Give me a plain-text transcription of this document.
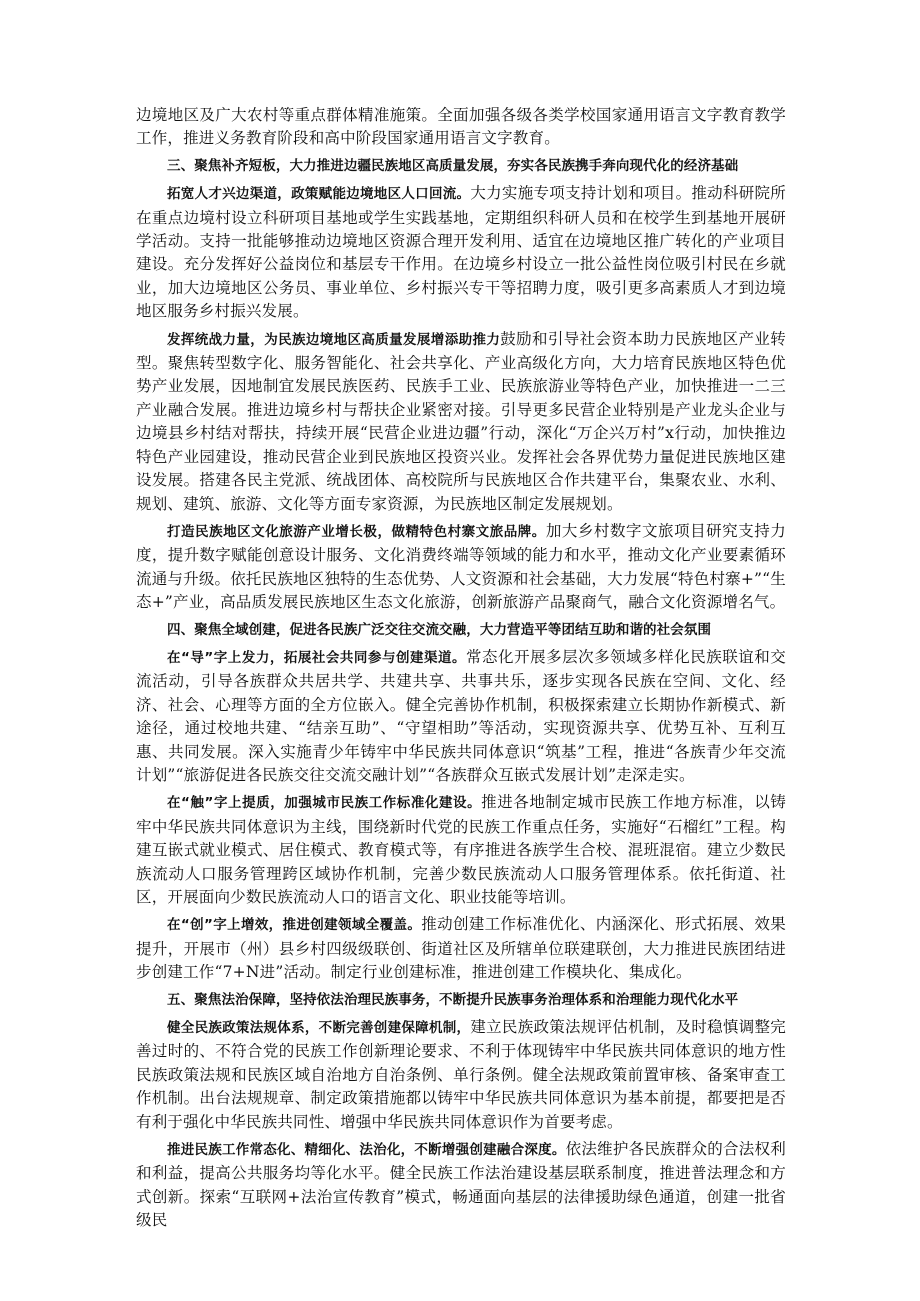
边境地区及广大农村等重点群体精准施策。全面加强各级各类学校国家通用语言文字教育教学工作，推进义务教育阶段和高中阶段国家通用语言文字教育。

三、聚焦补齐短板，大力推进边疆民族地区高质量发展，夯实各民族携手奔向现代化的经济基础

拓宽人才兴边渠道，政策赋能边境地区人口回流。大力实施专项支持计划和项目。推动科研院所在重点边境村设立科研项目基地或学生实践基地，定期组织科研人员和在校学生到基地开展研学活动。支持一批能够推动边境地区资源合理开发利用、适宜在边境地区推广转化的产业项目建设。充分发挥好公益岗位和基层专干作用。在边境乡村设立一批公益性岗位吸引村民在乡就业，加大边境地区公务员、事业单位、乡村振兴专干等招聘力度，吸引更多高素质人才到边境地区服务乡村振兴发展。

发挥统战力量，为民族边境地区高质量发展增添助推力鼓励和引导社会资本助力民族地区产业转型。聚焦转型数字化、服务智能化、社会共享化、产业高级化方向，大力培育民族地区特色优势产业发展，因地制宜发展民族医药、民族手工业、民族旅游业等特色产业，加快推进一二三产业融合发展。推进边境乡村与帮扶企业紧密对接。引导更多民营企业特别是产业龙头企业与边境县乡村结对帮扶，持续开展“民营企业进边疆”行动，深化“万企兴万村”x行动，加快推边特色产业园建设，推动民营企业到民族地区投资兴业。发挥社会各界优势力量促进民族地区建设发展。搭建各民主党派、统战团体、高校院所与民族地区合作共建平台，集聚农业、水利、规划、建筑、旅游、文化等方面专家资源，为民族地区制定发展规划。

打造民族地区文化旅游产业增长极，做精特色村寨文旅品牌。加大乡村数字文旅项目研究支持力度，提升数字赋能创意设计服务、文化消费终端等领域的能力和水平，推动文化产业要素循环流通与升级。依托民族地区独特的生态优势、人文资源和社会基础，大力发展“特色村寨+”“生态+”产业，高品质发展民族地区生态文化旅游，创新旅游产品聚商气，融合文化资源增名气。

四、聚焦全域创建，促进各民族广泛交往交流交融，大力营造平等团结互助和谐的社会氛围

在“导”字上发力，拓展社会共同参与创建渠道。常态化开展多层次多领域多样化民族联谊和交流活动，引导各族群众共居共学、共建共享、共事共乐，逐步实现各民族在空间、文化、经济、社会、心理等方面的全方位嵌入。健全完善协作机制，积极探索建立长期协作新模式、新途径，通过校地共建、“结亲互助”、“守望相助”等活动，实现资源共享、优势互补、互利互惠、共同发展。深入实施青少年铸牢中华民族共同体意识“筑基”工程，推进“各族青少年交流计划”“旅游促进各民族交往交流交融计划”“各族群众互嵌式发展计划”走深走实。

在“触”字上提质，加强城市民族工作标准化建设。推进各地制定城市民族工作地方标准，以铸牢中华民族共同体意识为主线，围绕新时代党的民族工作重点任务，实施好“石榴红”工程。构建互嵌式就业模式、居住模式、教育模式等，有序推进各族学生合校、混班混宿。建立少数民族流动人口服务管理跨区域协作机制，完善少数民族流动人口服务管理体系。依托街道、社区，开展面向少数民族流动人口的语言文化、职业技能等培训。

在“创”字上增效，推进创建领域全覆盖。推动创建工作标准优化、内涵深化、形式拓展、效果提升，开展市（州）县乡村四级级联创、街道社区及所辖单位联建联创，大力推进民族团结进步创建工作“7+N进”活动。制定行业创建标准，推进创建工作模块化、集成化。

五、聚焦法治保障，坚持依法治理民族事务，不断提升民族事务治理体系和治理能力现代化水平

健全民族政策法规体系，不断完善创建保障机制，建立民族政策法规评估机制，及时稳慎调整完善过时的、不符合党的民族工作创新理论要求、不利于体现铸牢中华民族共同体意识的地方性民族政策法规和民族区域自治地方自治条例、单行条例。健全法规政策前置审核、备案审查工作机制。出台法规规章、制定政策措施都以铸牢中华民族共同体意识为基本前提，都要把是否有利于强化中华民族共同性、增强中华民族共同体意识作为首要考虑。

推进民族工作常态化、精细化、法治化，不断增强创建融合深度。依法维护各民族群众的合法权利和利益，提高公共服务均等化水平。健全民族工作法治建设基层联系制度，推进普法理念和方式创新。探索“互联网+法治宣传教育”模式，畅通面向基层的法律援助绿色通道，创建一批省级民
